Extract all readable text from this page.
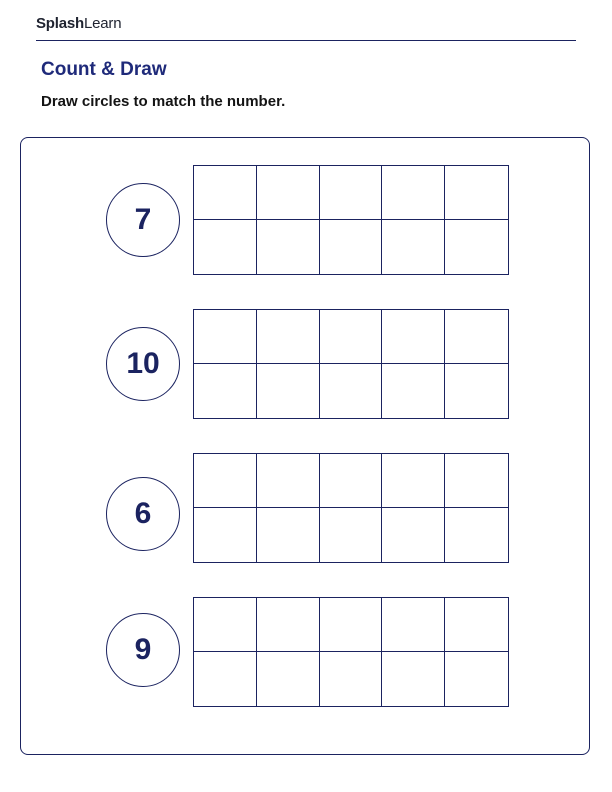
SplashLearn
Count & Draw
Draw circles to match the number.
7
10
6
9
